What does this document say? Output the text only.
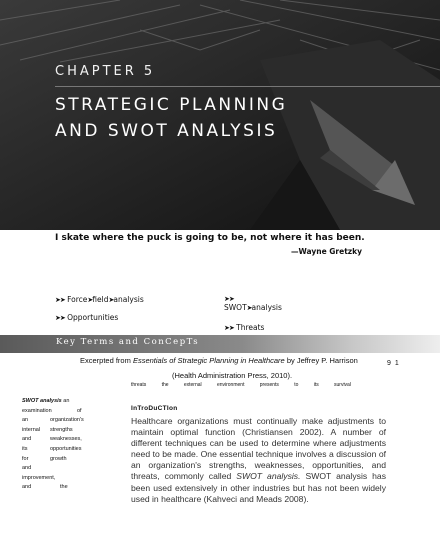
CHAPTER 5
STRATEGIC PLANNING
AND SWOT ANALYSIS
I skate where the puck is going to be, not where it has been.
—Wayne Gretzky
➤➤ Force➤field➤analysis
➤➤ Opportunities
➤➤
SWOT➤analysis
➤➤ Threats
Key Terms and ConCepTs
Excerpted from Essentials of Strategic Planning in Healthcare by Jeffrey P. Harrison	9 1
(Health Administration Press, 2010).
threats	the	external	environment	presents	to	its	survival
SWOT analysis an
examination	of
an	organization's
internal	strengths
and	weaknesses,
its	opportunities
for	growth
and
improvement,
and	the
InTroDuCTIon
Healthcare organizations must continually make adjustments to maintain optimal function (Christiansen 2002). A number of different techniques can be used to determine where adjustments need to be made. One essential technique involves a discussion of an organization's strengths, weaknesses, opportunities, and threats, commonly called SWOT analysis. SWOT analysis has been used extensively in other industries but has not been widely used in healthcare (Kahveci and Meads 2008).
